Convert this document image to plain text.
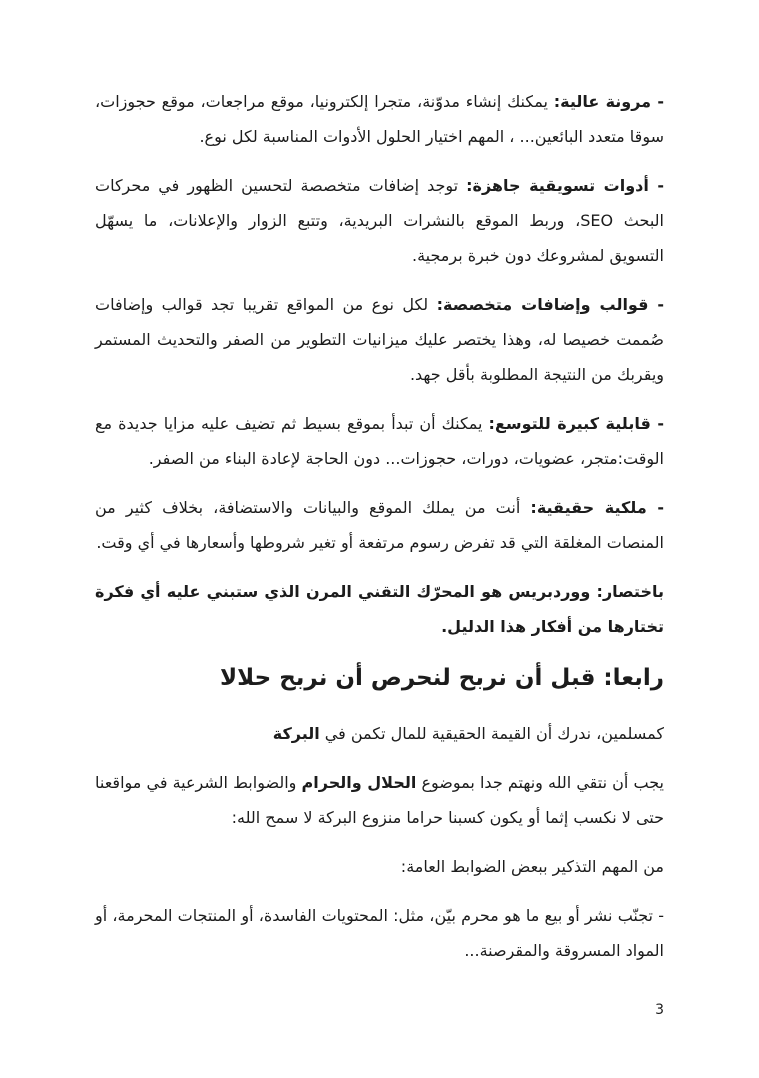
- مرونة عالية: يمكنك إنشاء مدوّنة، متجرا إلكترونيا، موقع مراجعات، موقع حجوزات، سوقا متعدد البائعين... ، المهم اختيار الحلول الأدوات المناسبة لكل نوع.

- أدوات تسويقية جاهزة: توجد إضافات متخصصة لتحسين الظهور في محركات البحث SEO، وربط الموقع بالنشرات البريدية، وتتبع الزوار والإعلانات، ما يسهّل التسويق لمشروعك دون خبرة برمجية.

- قوالب وإضافات متخصصة: لكل نوع من المواقع تقريبا تجد قوالب وإضافات صُممت خصيصا له، وهذا يختصر عليك ميزانيات التطوير من الصفر والتحديث المستمر ويقربك من النتيجة المطلوبة بأقل جهد.

- قابلية كبيرة للتوسع: يمكنك أن تبدأ بموقع بسيط ثم تضيف عليه مزايا جديدة مع الوقت:متجر، عضويات، دورات، حجوزات... دون الحاجة لإعادة البناء من الصفر.

- ملكية حقيقية: أنت من يملك الموقع والبيانات والاستضافة، بخلاف كثير من المنصات المغلقة التي قد تفرض رسوم مرتفعة أو تغير شروطها وأسعارها في أي وقت.

باختصار: ووردبريس هو المحرّك التقني المرن الذي ستبني عليه أي فكرة تختارها من أفكار هذا الدليل.

رابعا: قبل أن نربح لنحرص أن نربح حلالا

كمسلمين، ندرك أن القيمة الحقيقية للمال تكمن في البركة

يجب أن نتقي الله ونهتم جدا بموضوع الحلال والحرام والضوابط الشرعية في مواقعنا حتى لا نكسب إثما أو يكون كسبنا حراما منزوع البركة لا سمح الله:

من المهم التذكير ببعض الضوابط العامة:

- تجنّب نشر أو بيع ما هو محرم بيّن، مثل: المحتويات الفاسدة، أو المنتجات المحرمة، أو المواد المسروقة والمقرصنة...

3
